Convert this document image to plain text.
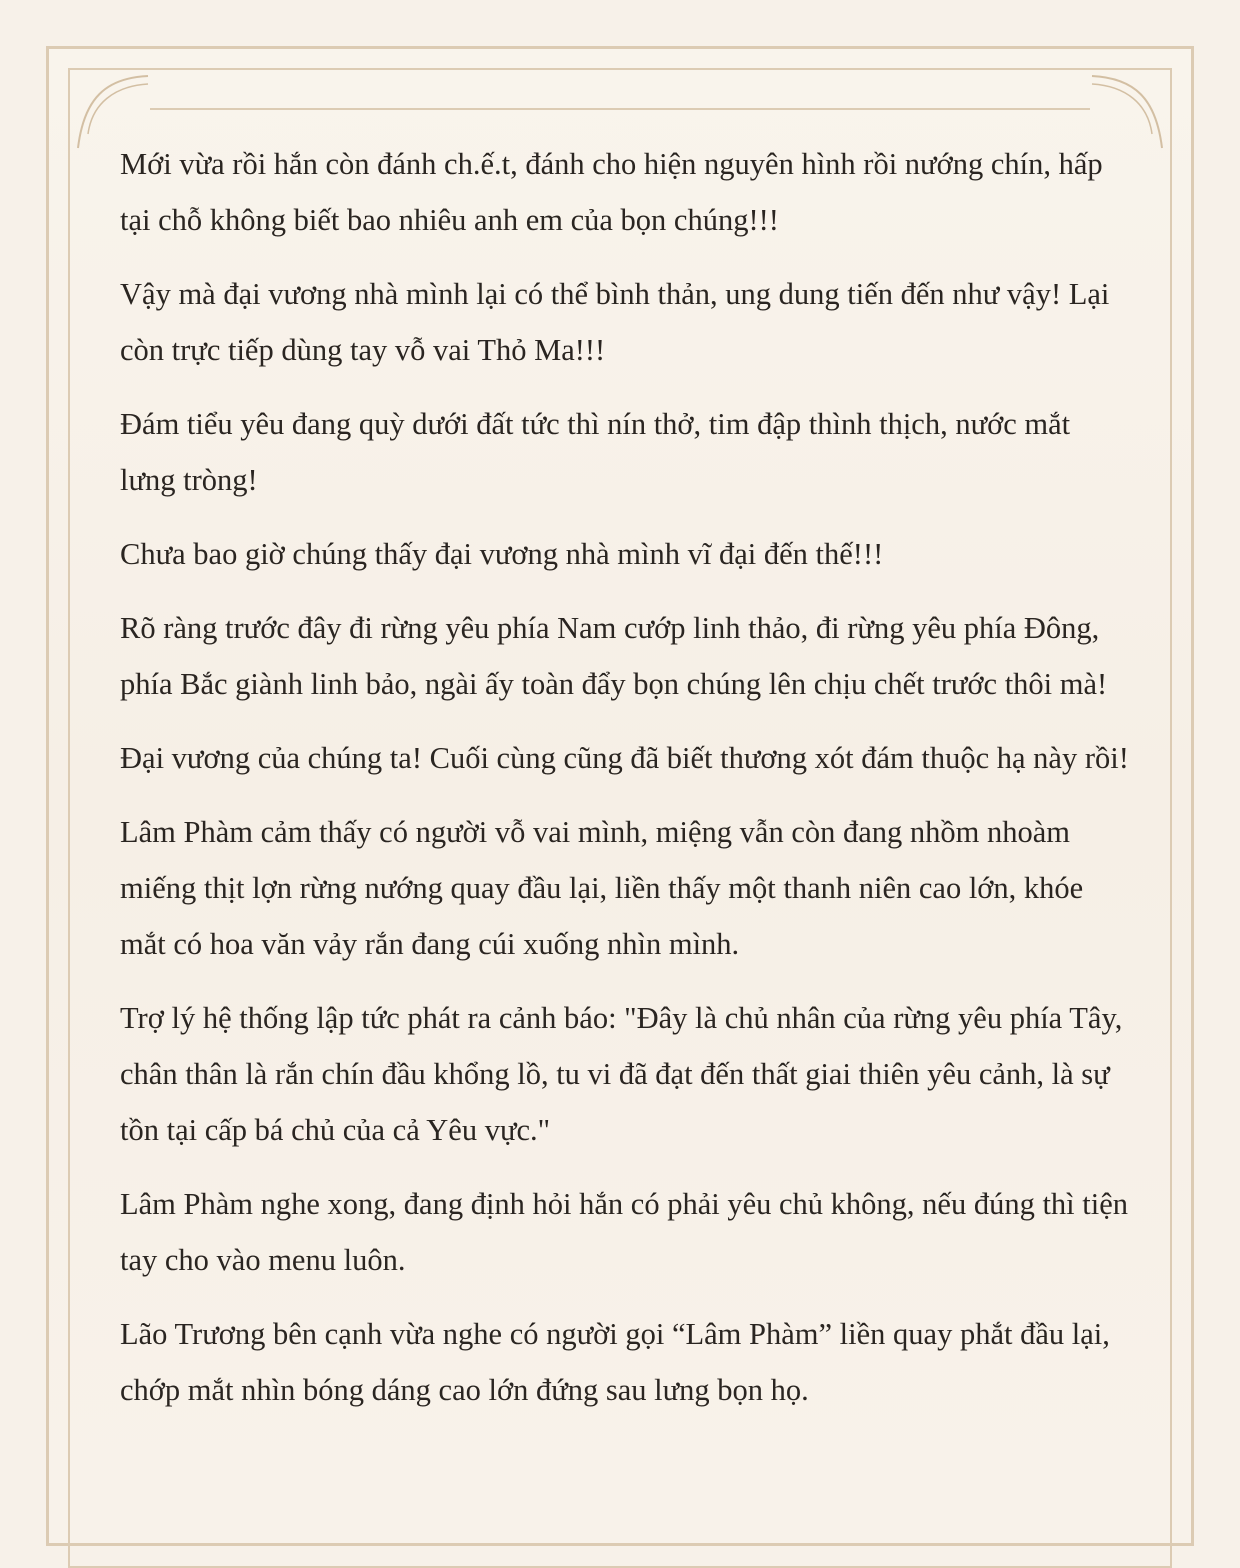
Mới vừa rồi hắn còn đánh ch.ế.t, đánh cho hiện nguyên hình rồi nướng chín, hấp tại chỗ không biết bao nhiêu anh em của bọn chúng!!!

Vậy mà đại vương nhà mình lại có thể bình thản, ung dung tiến đến như vậy! Lại còn trực tiếp dùng tay vỗ vai Thỏ Ma!!!

Đám tiểu yêu đang quỳ dưới đất tức thì nín thở, tim đập thình thịch, nước mắt lưng tròng!

Chưa bao giờ chúng thấy đại vương nhà mình vĩ đại đến thế!!!

Rõ ràng trước đây đi rừng yêu phía Nam cướp linh thảo, đi rừng yêu phía Đông, phía Bắc giành linh bảo, ngài ấy toàn đẩy bọn chúng lên chịu chết trước thôi mà!

Đại vương của chúng ta! Cuối cùng cũng đã biết thương xót đám thuộc hạ này rồi!

Lâm Phàm cảm thấy có người vỗ vai mình, miệng vẫn còn đang nhồm nhoàm miếng thịt lợn rừng nướng quay đầu lại, liền thấy một thanh niên cao lớn, khóe mắt có hoa văn vảy rắn đang cúi xuống nhìn mình.

Trợ lý hệ thống lập tức phát ra cảnh báo: "Đây là chủ nhân của rừng yêu phía Tây, chân thân là rắn chín đầu khổng lồ, tu vi đã đạt đến thất giai thiên yêu cảnh, là sự tồn tại cấp bá chủ của cả Yêu vực."

Lâm Phàm nghe xong, đang định hỏi hắn có phải yêu chủ không, nếu đúng thì tiện tay cho vào menu luôn.

Lão Trương bên cạnh vừa nghe có người gọi “Lâm Phàm” liền quay phắt đầu lại, chớp mắt nhìn bóng dáng cao lớn đứng sau lưng bọn họ.
